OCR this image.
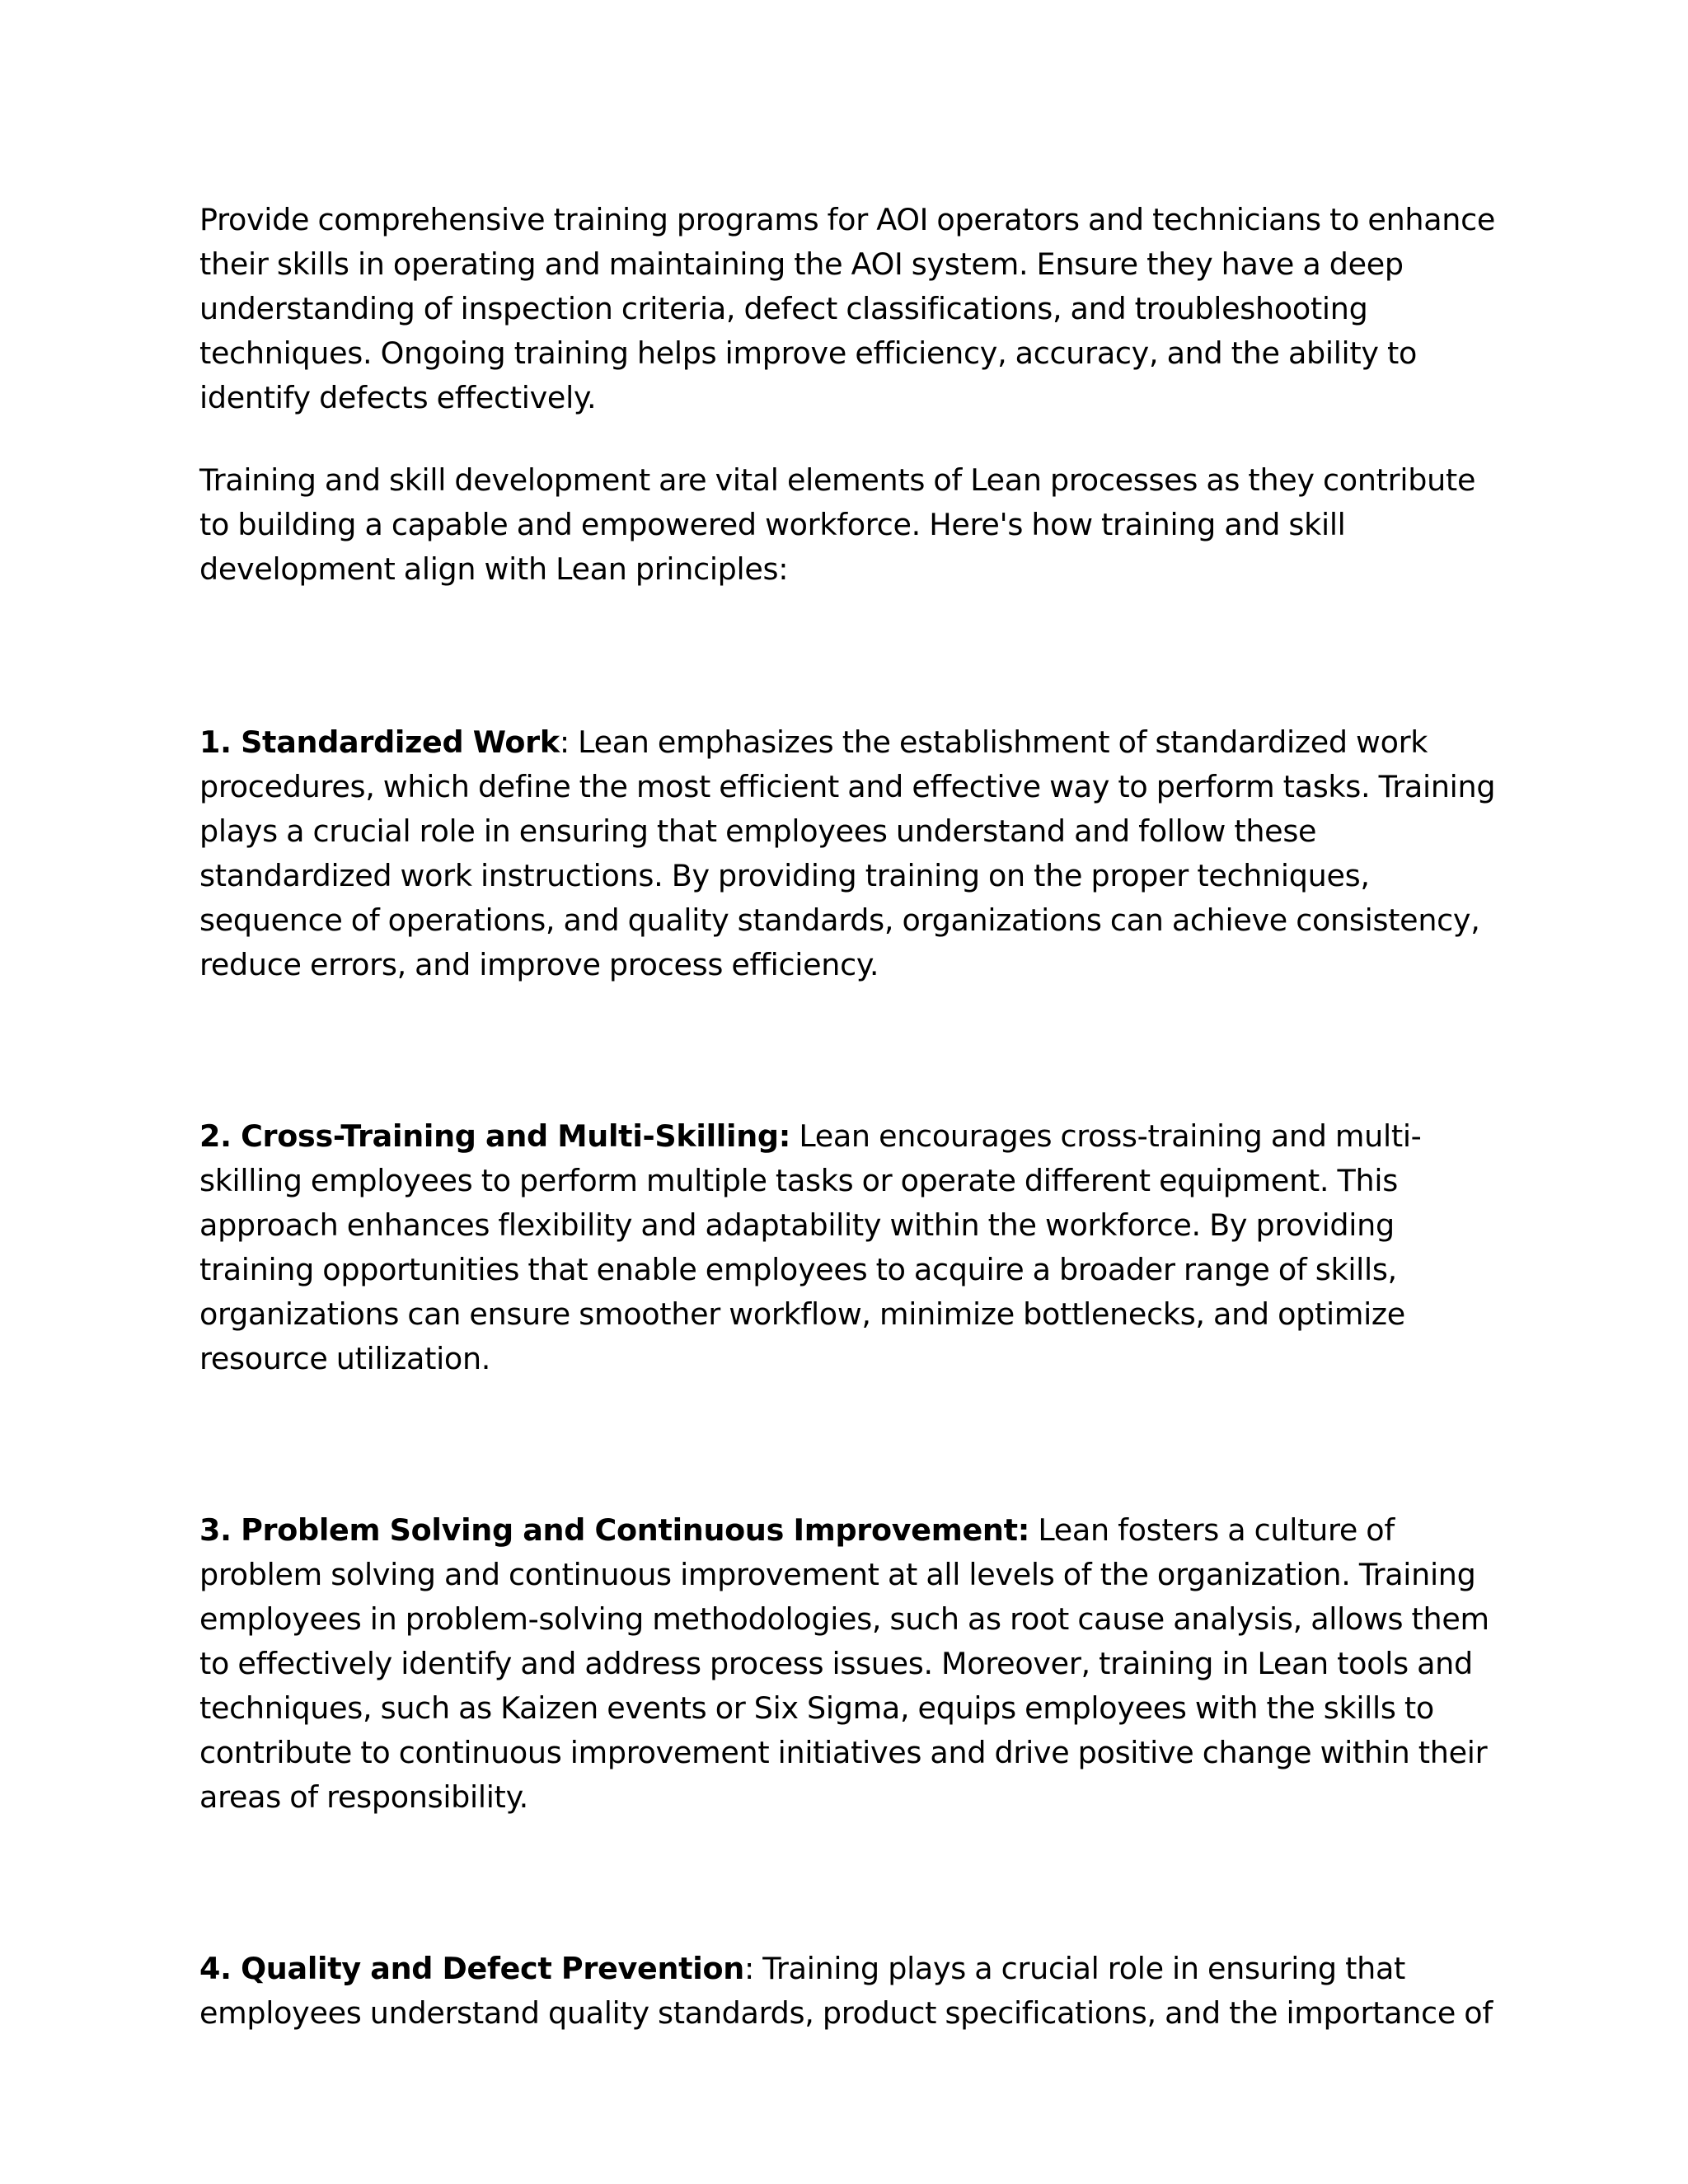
Provide comprehensive training programs for AOI operators and technicians to enhance their skills in operating and maintaining the AOI system. Ensure they have a deep understanding of inspection criteria, defect classifications, and troubleshooting techniques. Ongoing training helps improve efficiency, accuracy, and the ability to identify defects effectively.

Training and skill development are vital elements of Lean processes as they contribute to building a capable and empowered workforce. Here's how training and skill development align with Lean principles:

1. Standardized Work: Lean emphasizes the establishment of standardized work procedures, which define the most efficient and effective way to perform tasks. Training plays a crucial role in ensuring that employees understand and follow these standardized work instructions. By providing training on the proper techniques, sequence of operations, and quality standards, organizations can achieve consistency, reduce errors, and improve process efficiency.

2. Cross-Training and Multi-Skilling: Lean encourages cross-training and multi-skilling employees to perform multiple tasks or operate different equipment. This approach enhances flexibility and adaptability within the workforce. By providing training opportunities that enable employees to acquire a broader range of skills, organizations can ensure smoother workflow, minimize bottlenecks, and optimize resource utilization.

3. Problem Solving and Continuous Improvement: Lean fosters a culture of problem solving and continuous improvement at all levels of the organization. Training employees in problem-solving methodologies, such as root cause analysis, allows them to effectively identify and address process issues. Moreover, training in Lean tools and techniques, such as Kaizen events or Six Sigma, equips employees with the skills to contribute to continuous improvement initiatives and drive positive change within their areas of responsibility.

4. Quality and Defect Prevention: Training plays a crucial role in ensuring that employees understand quality standards, product specifications, and the importance of
